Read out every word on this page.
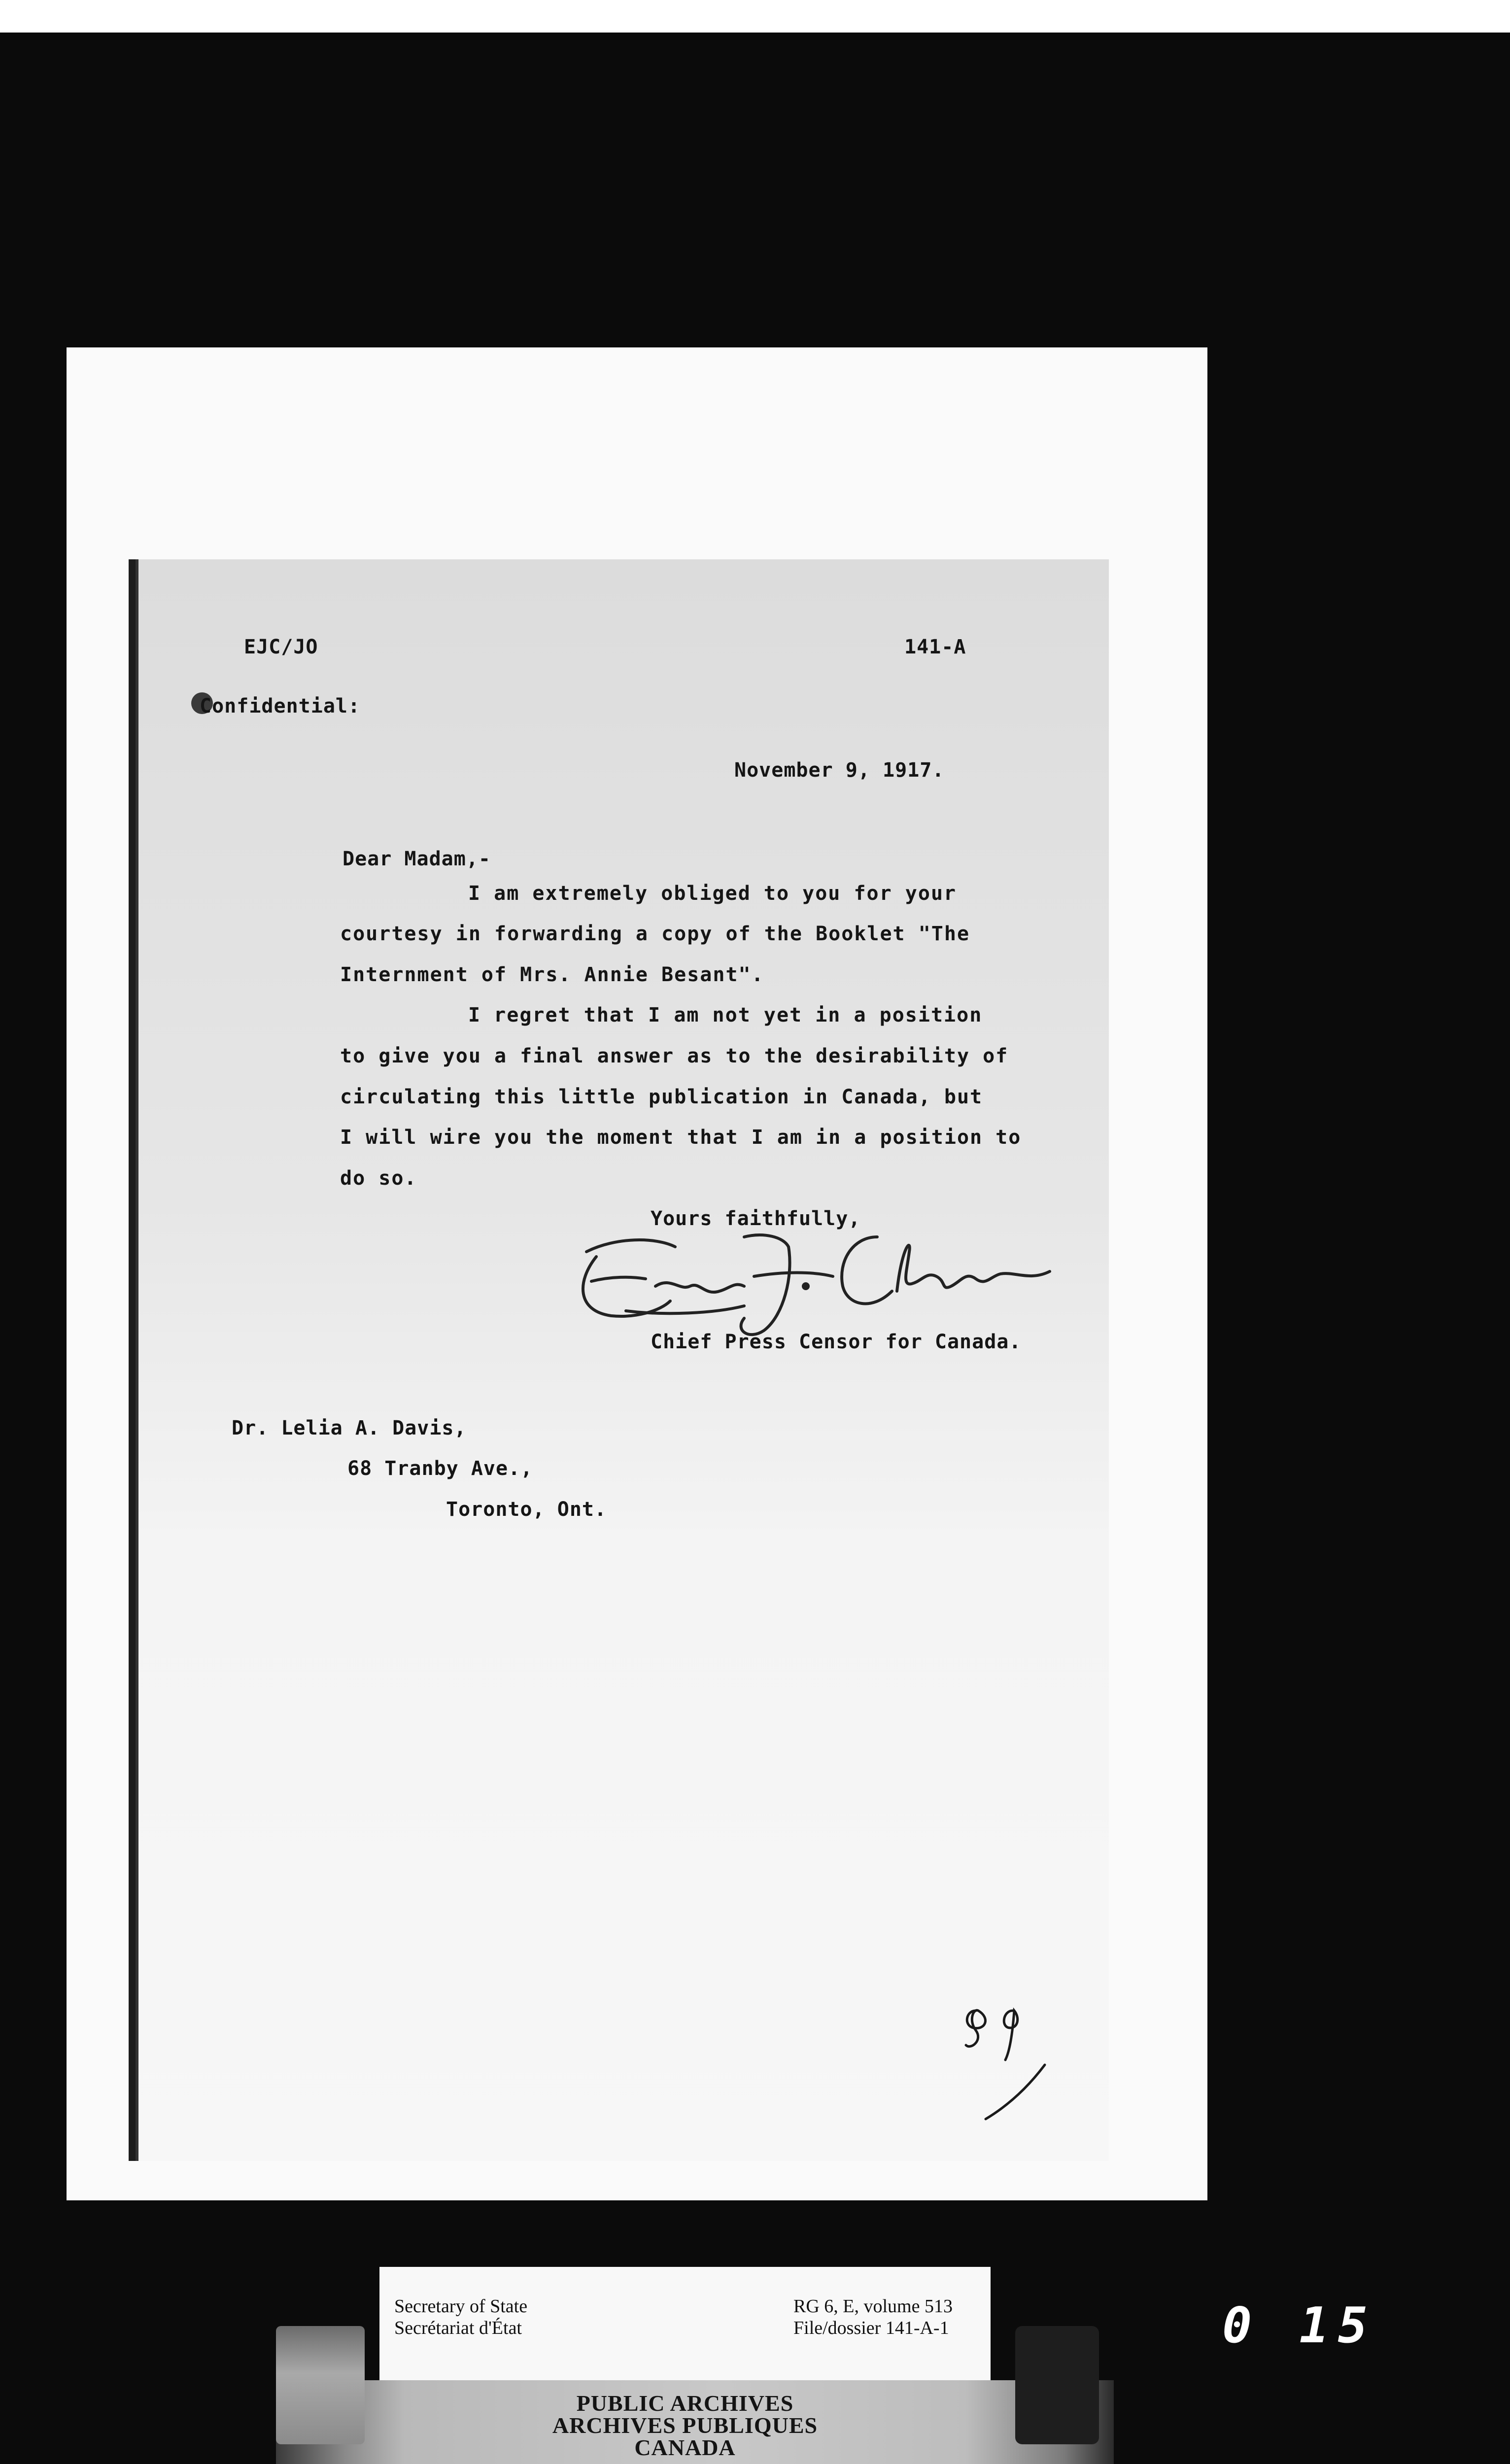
EJC/JO	141-A
Confidential:
November 9, 1917.
Dear Madam,-
I am extremely obliged to you for your
courtesy in forwarding a copy of the Booklet "The
Internment of Mrs. Annie Besant".
I regret that I am not yet in a position
to give you a final answer as to the desirability of
circulating this little publication in Canada, but
I will wire you the moment that I am in a position to
do so.
Yours faithfully,
Chief Press Censor for Canada.
Dr. Lelia A. Davis,
68 Tranby Ave.,
Toronto, Ont.
Secretary of State
Secrétariat d'État
RG 6, E, volume 513
File/dossier 141-A-1
PUBLIC ARCHIVES
ARCHIVES PUBLIQUES
CANADA
0 15
